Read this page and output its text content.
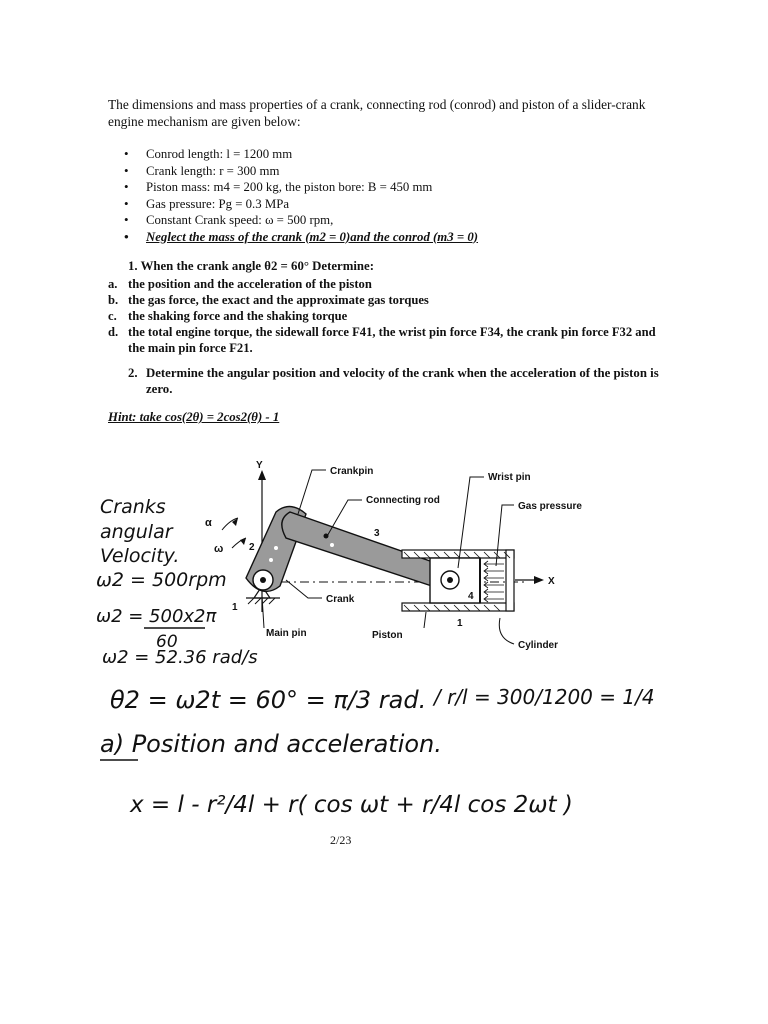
The dimensions and mass properties of a crank, connecting rod (conrod) and piston of a slider-crank engine mechanism are given below:
• Conrod length: l = 1200 mm
• Crank length: r = 300 mm
• Piston mass: m4 = 200 kg, the piston bore: B = 450 mm
• Gas pressure: Pg = 0.3 MPa
• Constant Crank speed: ω = 500 rpm,
• Neglect the mass of the crank (m2 = 0)and the conrod (m3 = 0)
1. When the crank angle θ2 = 60° Determine:
a. the position and the acceleration of the piston
b. the gas force, the exact and the approximate gas torques
c. the shaking force and the shaking torque
d. the total engine torque, the sidewall force F41, the wrist pin force F34, the crank pin force F32 and the main pin force F21.
2. Determine the angular position and velocity of the crank when the acceleration of the piston is zero.
Hint: take cos(2θ) = 2cos2(θ) - 1
Y
X
1
2
3
4
1
Crankpin
Connecting rod
Wrist pin
Gas pressure
Crank
Piston
Cylinder
Main pin
α
ω
Cranks
angular
Velocity.
ω2 = 500rpm
ω2 = 500x2π
60
ω2 = 52.36 rad/s
θ2 = ω2t = 60° = π/3 rad. / r/l = 300/1200 = 1/4
a) Position and acceleration.
x = l - r²/4l + r( cos ωt + r/4l cos 2ωt )
2/23
